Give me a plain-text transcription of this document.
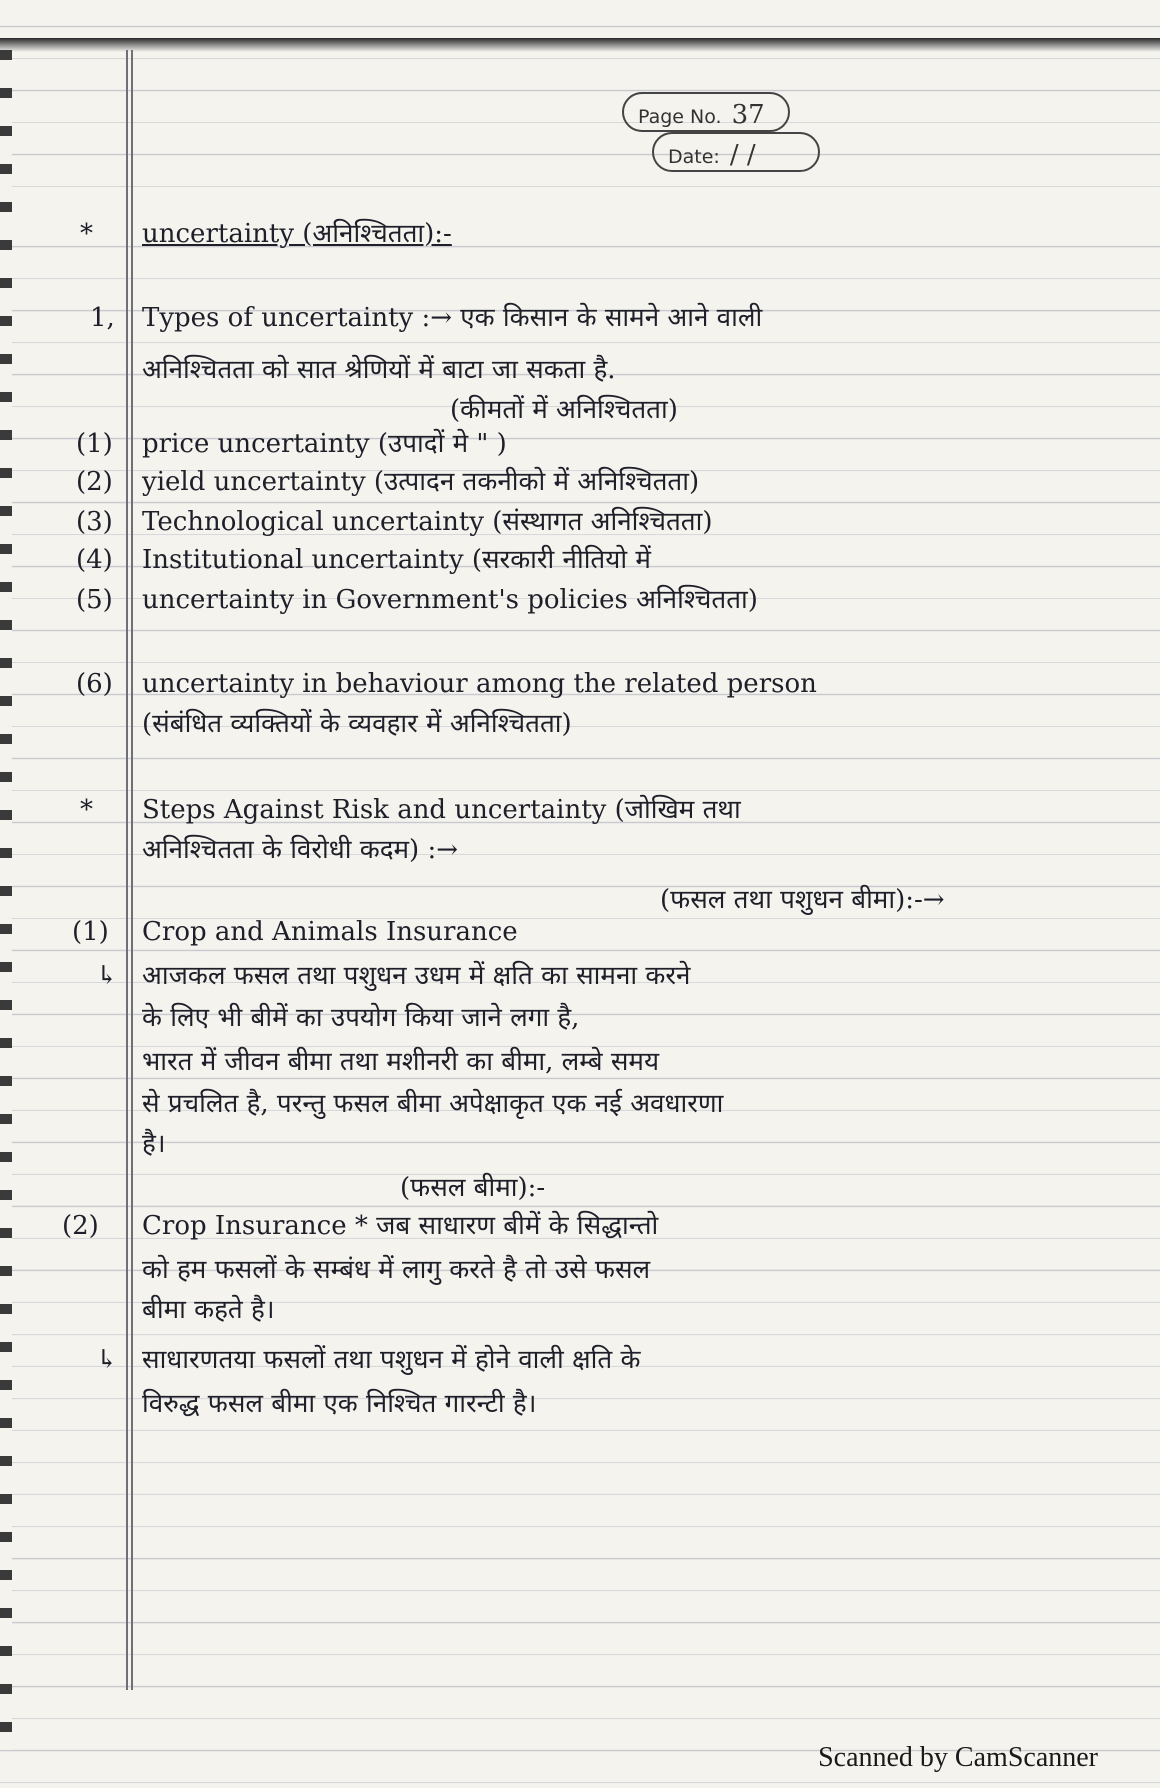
Page No. 37
Date: / /
* uncertainty (अनिश्चितता):-
1, Types of uncertainty :→ एक किसान के सामने आने वाली
अनिश्चितता को सात श्रेणियों में बाटा जा सकता है.
(कीमतों में अनिश्चितता)
(1) price uncertainty (उपादों मे " )
(2) yield uncertainty (उत्पादन तकनीको में अनिश्चितता)
(3) Technological uncertainty (संस्थागत अनिश्चितता)
(4) Institutional uncertainty (सरकारी नीतियो में
(5) uncertainty in Government's policies अनिश्चितता)
(6) uncertainty in behaviour among the related person
(संबंधित व्यक्तियों के व्यवहार में अनिश्चितता)
* Steps Against Risk and uncertainty (जोखिम तथा
अनिश्चितता के विरोधी कदम) :→
(फसल तथा पशुधन बीमा):-→
(1) Crop and Animals Insurance
↳ आजकल फसल तथा पशुधन उधम में क्षति का सामना करने
के लिए भी बीमें का उपयोग किया जाने लगा है,
भारत में जीवन बीमा तथा मशीनरी का बीमा, लम्बे समय
से प्रचलित है, परन्तु फसल बीमा अपेक्षाकृत एक नई अवधारणा
है।
(फसल बीमा):-
(2) Crop Insurance * जब साधारण बीमें के सिद्धान्तो
को हम फसलों के सम्बंध में लागु करते है तो उसे फसल
बीमा कहते है।
↳ साधारणतया फसलों तथा पशुधन में होने वाली क्षति के
विरुद्ध फसल बीमा एक निश्चित गारन्टी है।
Scanned by CamScanner
